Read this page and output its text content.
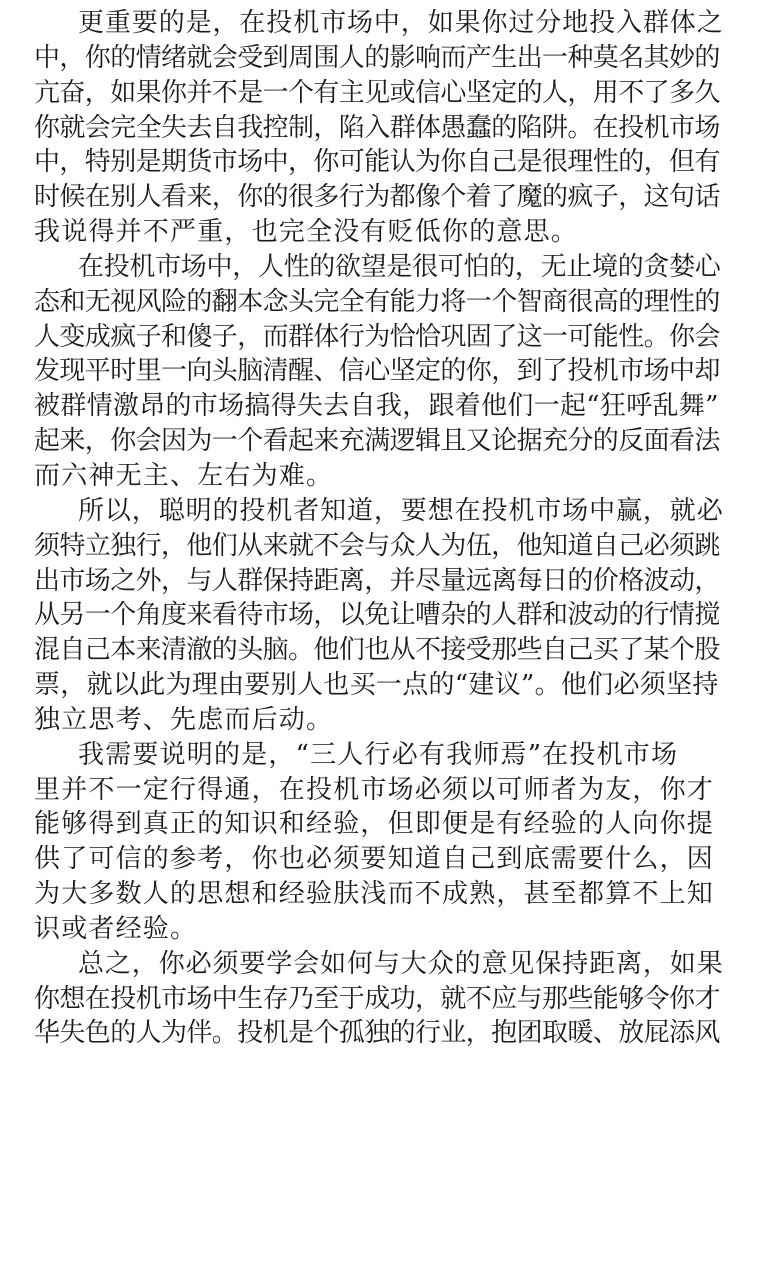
更重要的是，在投机市场中，如果你过分地投入群体之
中，你的情绪就会受到周围人的影响而产生出一种莫名其妙的
亢奋，如果你并不是一个有主见或信心坚定的人，用不了多久
你就会完全失去自我控制，陷入群体愚蠢的陷阱。在投机市场
中，特别是期货市场中，你可能认为你自己是很理性的，但有
时候在别人看来，你的很多行为都像个着了魔的疯子，这句话
我说得并不严重，也完全没有贬低你的意思。
在投机市场中，人性的欲望是很可怕的，无止境的贪婪心
态和无视风险的翻本念头完全有能力将一个智商很高的理性的
人变成疯子和傻子，而群体行为恰恰巩固了这一可能性。你会
发现平时里一向头脑清醒、信心坚定的你，到了投机市场中却
被群情激昂的市场搞得失去自我，跟着他们一起“狂呼乱舞”
起来，你会因为一个看起来充满逻辑且又论据充分的反面看法
而六神无主、左右为难。
所以，聪明的投机者知道，要想在投机市场中赢，就必
须特立独行，他们从来就不会与众人为伍，他知道自己必须跳
出市场之外，与人群保持距离，并尽量远离每日的价格波动，
从另一个角度来看待市场，以免让嘈杂的人群和波动的行情搅
混自己本来清澈的头脑。他们也从不接受那些自己买了某个股
票，就以此为理由要别人也买一点的“建议”。他们必须坚持
独立思考、先虑而后动。
我需要说明的是，“三人行必有我师焉”在投机市场
里并不一定行得通，在投机市场必须以可师者为友，你才
能够得到真正的知识和经验，但即便是有经验的人向你提
供了可信的参考，你也必须要知道自己到底需要什么，因
为大多数人的思想和经验肤浅而不成熟，甚至都算不上知
识或者经验。
总之，你必须要学会如何与大众的意见保持距离，如果
你想在投机市场中生存乃至于成功，就不应与那些能够令你才
华失色的人为伴。投机是个孤独的行业，抱团取暖、放屁添风
